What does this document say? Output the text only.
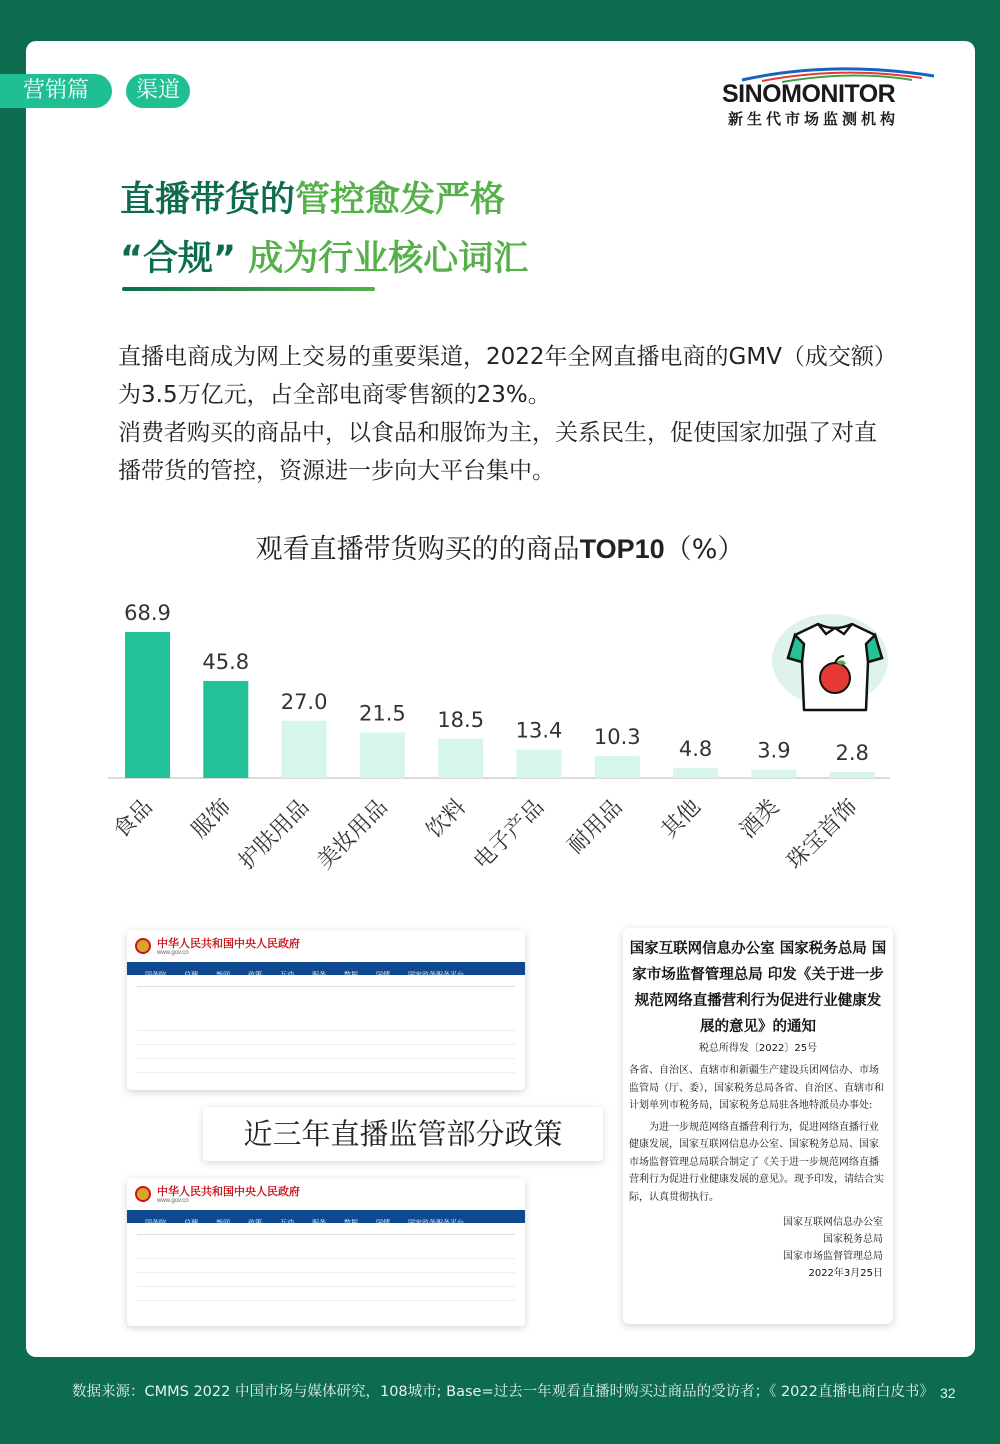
营销篇	渠道	SINOMONITOR
新生代市场监测机构
直播带货的管控愈发严格
“合规” 成为行业核心词汇
直播电商成为网上交易的重要渠道，2022年全网直播电商的GMV（成交额）为3.5万亿元，占全部电商零售额的23%。
消费者购买的商品中，以食品和服饰为主，关系民生，促使国家加强了对直播带货的管控，资源进一步向大平台集中。
观看直播带货购买的的商品TOP10（%）
68.9
食品
45.8
服饰
27.0
护肤用品
21.5
美妆用品
18.5
饮料
13.4
电子产品
10.3
耐用品
4.8
其他
3.9
酒类
2.8
珠宝首饰
中华人民共和国中央人民政府
www.gov.cn
国务院	总理	新闻	政策	互动	服务	数据	国情	国家政务服务平台
近三年直播监管部分政策
中华人民共和国中央人民政府
www.gov.cn
国务院	总理	新闻	政策	互动	服务	数据	国情	国家政务服务平台
国家互联网信息办公室 国家税务总局 国家市场监督管理总局 印发《关于进一步规范网络直播营利行为促进行业健康发展的意见》的通知
税总所得发〔2022〕25号
各省、自治区、直辖市和新疆生产建设兵团网信办、市场监管局（厅、委），国家税务总局各省、自治区、直辖市和计划单列市税务局，国家税务总局驻各地特派员办事处:
为进一步规范网络直播营利行为，促进网络直播行业健康发展，国家互联网信息办公室、国家税务总局、国家市场监督管理总局联合制定了《关于进一步规范网络直播营利行为促进行业健康发展的意见》。现予印发，请结合实际，认真贯彻执行。
国家互联网信息办公室
国家税务总局
国家市场监督管理总局
2022年3月25日
数据来源：CMMS 2022 中国市场与媒体研究，108城市; Base=过去一年观看直播时购买过商品的受访者；《 2022直播电商白皮书》 32
